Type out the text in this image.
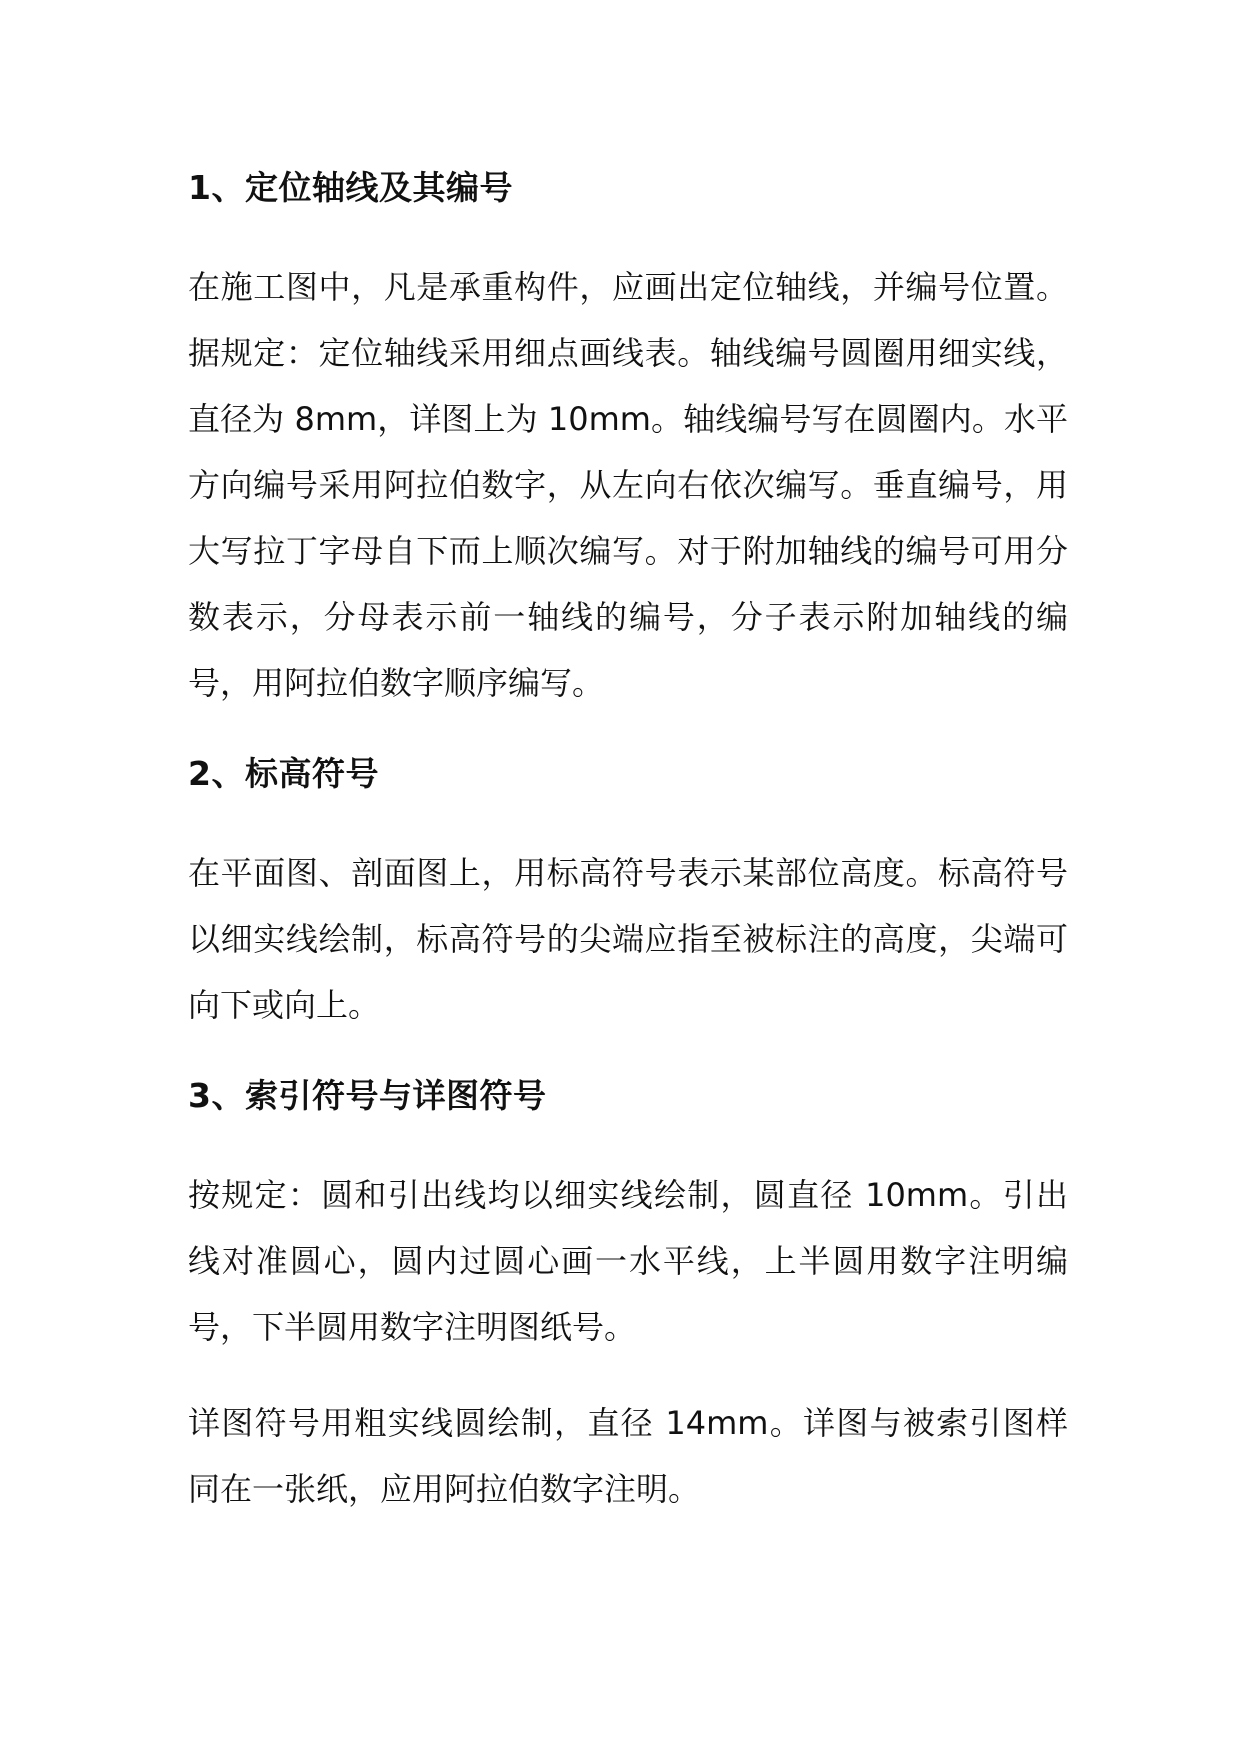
1、定位轴线及其编号

在施工图中，凡是承重构件，应画出定位轴线，并编号位置。据规定：定位轴线采用细点画线表。轴线编号圆圈用细实线，直径为 8mm，详图上为 10mm。轴线编号写在圆圈内。水平方向编号采用阿拉伯数字，从左向右依次编写。垂直编号，用大写拉丁字母自下而上顺次编写。对于附加轴线的编号可用分数表示，分母表示前一轴线的编号，分子表示附加轴线的编号，用阿拉伯数字顺序编写。

2、标高符号

在平面图、剖面图上，用标高符号表示某部位高度。标高符号以细实线绘制，标高符号的尖端应指至被标注的高度，尖端可向下或向上。

3、索引符号与详图符号

按规定：圆和引出线均以细实线绘制，圆直径 10mm。引出线对准圆心，圆内过圆心画一水平线，上半圆用数字注明编号，下半圆用数字注明图纸号。

详图符号用粗实线圆绘制，直径 14mm。详图与被索引图样同在一张纸，应用阿拉伯数字注明。
